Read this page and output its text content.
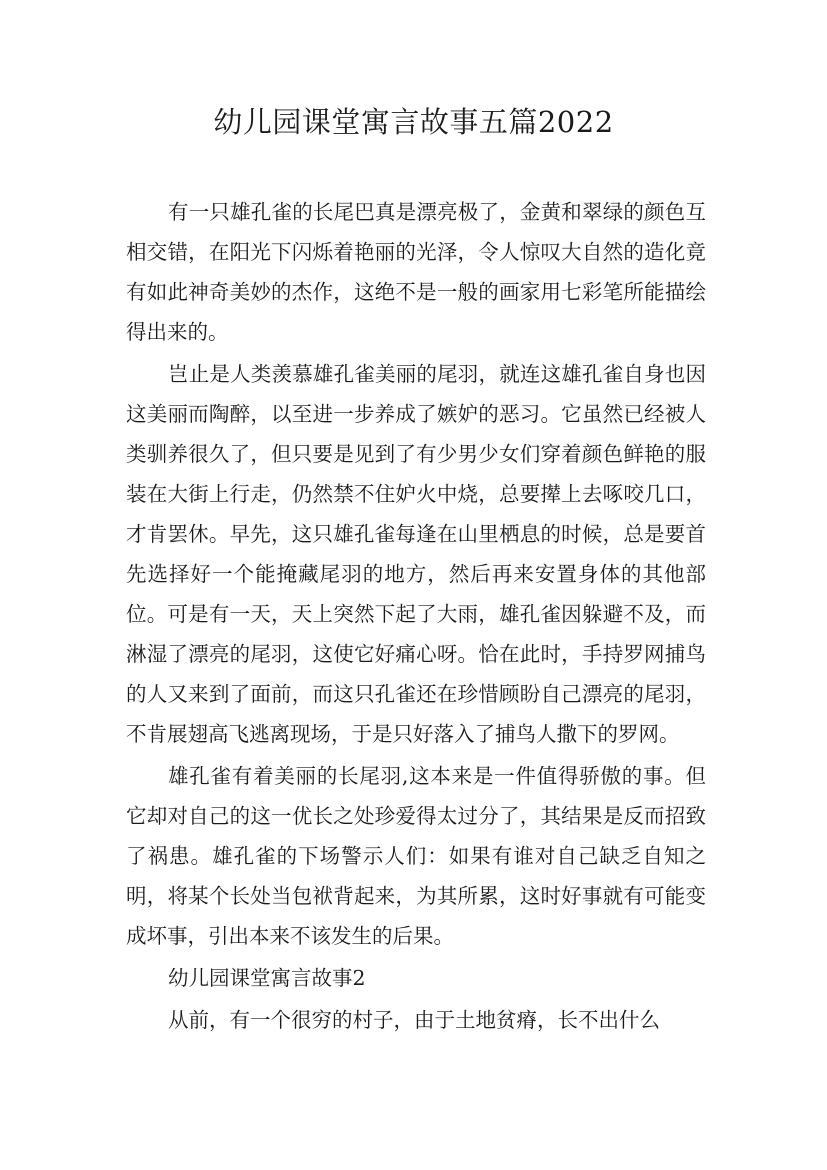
幼儿园课堂寓言故事五篇2022

有一只雄孔雀的长尾巴真是漂亮极了，金黄和翠绿的颜色互相交错，在阳光下闪烁着艳丽的光泽，令人惊叹大自然的造化竟有如此神奇美妙的杰作，这绝不是一般的画家用七彩笔所能描绘得出来的。

岂止是人类羡慕雄孔雀美丽的尾羽，就连这雄孔雀自身也因这美丽而陶醉，以至进一步养成了嫉妒的恶习。它虽然已经被人类驯养很久了，但只要是见到了有少男少女们穿着颜色鲜艳的服装在大街上行走，仍然禁不住妒火中烧，总要撵上去啄咬几口，才肯罢休。早先，这只雄孔雀每逢在山里栖息的时候，总是要首先选择好一个能掩藏尾羽的地方，然后再来安置身体的其他部位。可是有一天，天上突然下起了大雨，雄孔雀因躲避不及，而淋湿了漂亮的尾羽，这使它好痛心呀。恰在此时，手持罗网捕鸟的人又来到了面前，而这只孔雀还在珍惜顾盼自己漂亮的尾羽，不肯展翅高飞逃离现场，于是只好落入了捕鸟人撒下的罗网。

雄孔雀有着美丽的长尾羽,这本来是一件值得骄傲的事。但它却对自己的这一优长之处珍爱得太过分了，其结果是反而招致了祸患。雄孔雀的下场警示人们：如果有谁对自己缺乏自知之明，将某个长处当包袱背起来，为其所累，这时好事就有可能变成坏事，引出本来不该发生的后果。

幼儿园课堂寓言故事2

从前，有一个很穷的村子，由于土地贫瘠，长不出什么
